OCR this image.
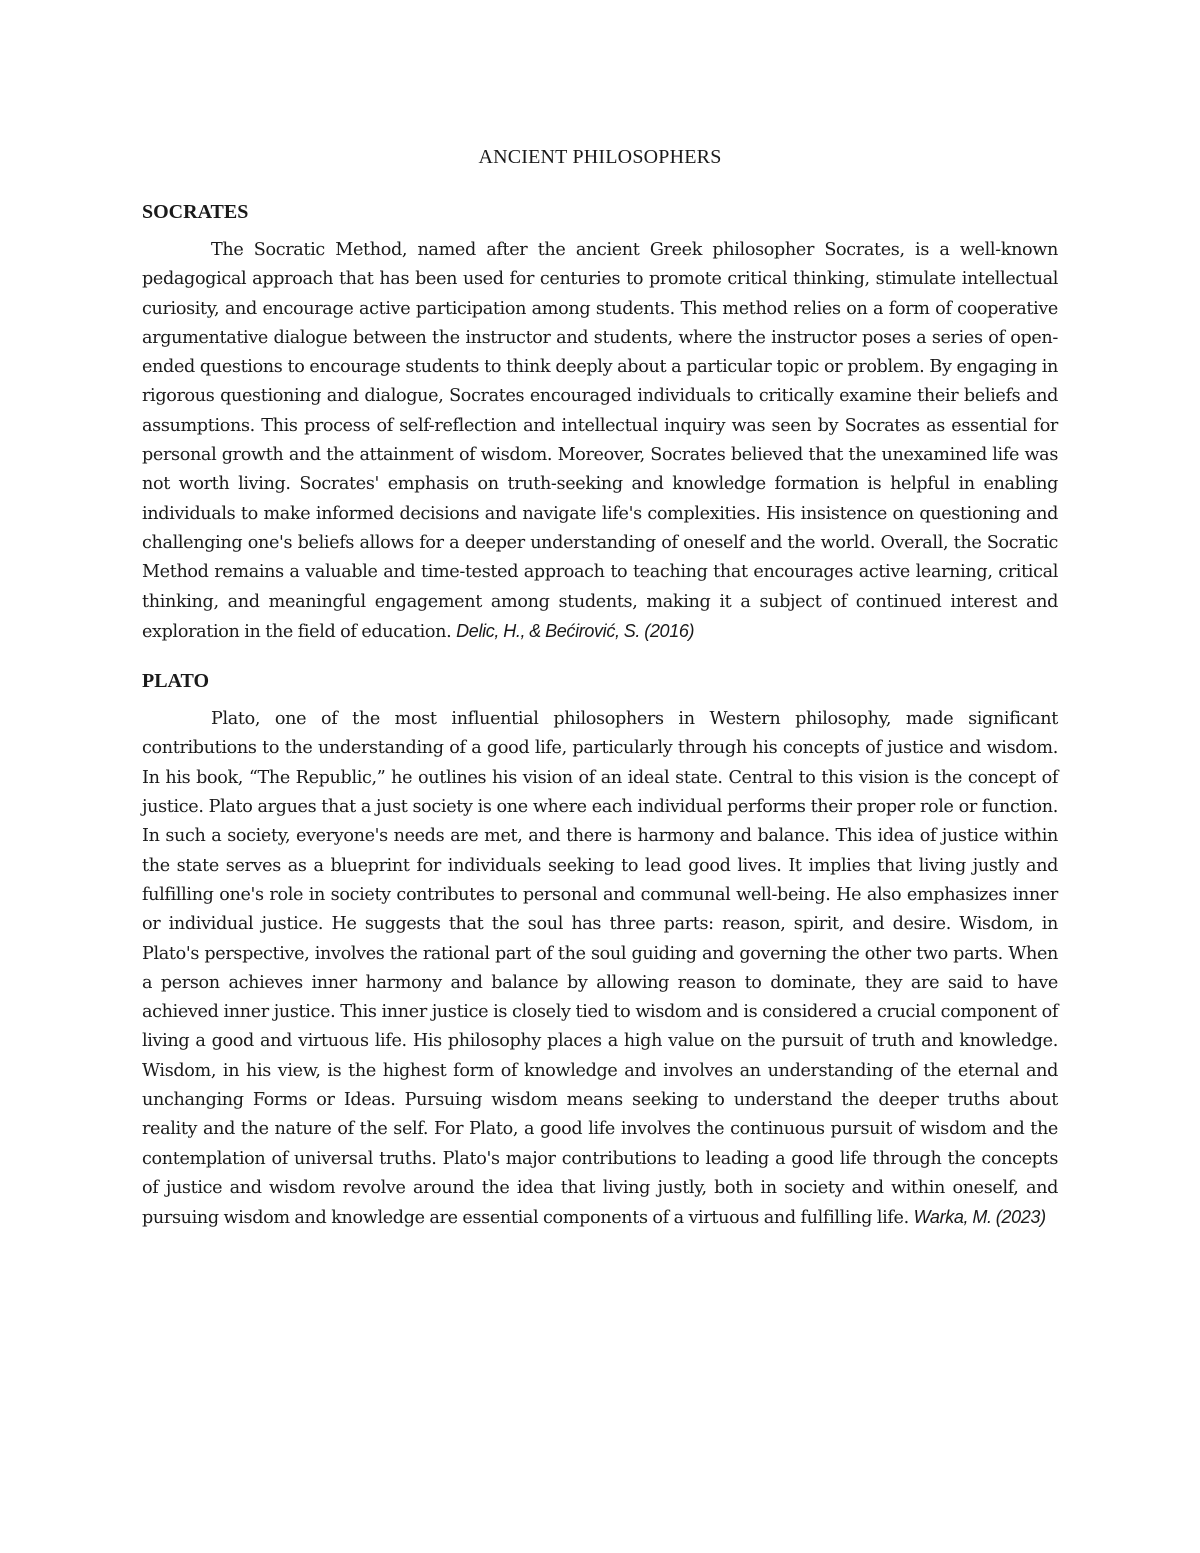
ANCIENT PHILOSOPHERS
SOCRATES

The Socratic Method, named after the ancient Greek philosopher Socrates, is a well-known pedagogical approach that has been used for centuries to promote critical thinking, stimulate intellectual curiosity, and encourage active participation among students. This method relies on a form of cooperative argumentative dialogue between the instructor and students, where the instructor poses a series of open-ended questions to encourage students to think deeply about a particular topic or problem. By engaging in rigorous questioning and dialogue, Socrates encouraged individuals to critically examine their beliefs and assumptions. This process of self-reflection and intellectual inquiry was seen by Socrates as essential for personal growth and the attainment of wisdom. Moreover, Socrates believed that the unexamined life was not worth living. Socrates' emphasis on truth-seeking and knowledge formation is helpful in enabling individuals to make informed decisions and navigate life's complexities. His insistence on questioning and challenging one's beliefs allows for a deeper understanding of oneself and the world. Overall, the Socratic Method remains a valuable and time-tested approach to teaching that encourages active learning, critical thinking, and meaningful engagement among students, making it a subject of continued interest and exploration in the field of education. Delic, H., & Bećirović, S. (2016)

PLATO

Plato, one of the most influential philosophers in Western philosophy, made significant contributions to the understanding of a good life, particularly through his concepts of justice and wisdom. In his book, “The Republic,” he outlines his vision of an ideal state. Central to this vision is the concept of justice. Plato argues that a just society is one where each individual performs their proper role or function. In such a society, everyone's needs are met, and there is harmony and balance. This idea of justice within the state serves as a blueprint for individuals seeking to lead good lives. It implies that living justly and fulfilling one's role in society contributes to personal and communal well-being. He also emphasizes inner or individual justice. He suggests that the soul has three parts: reason, spirit, and desire. Wisdom, in Plato's perspective, involves the rational part of the soul guiding and governing the other two parts. When a person achieves inner harmony and balance by allowing reason to dominate, they are said to have achieved inner justice. This inner justice is closely tied to wisdom and is considered a crucial component of living a good and virtuous life. His philosophy places a high value on the pursuit of truth and knowledge. Wisdom, in his view, is the highest form of knowledge and involves an understanding of the eternal and unchanging Forms or Ideas. Pursuing wisdom means seeking to understand the deeper truths about reality and the nature of the self. For Plato, a good life involves the continuous pursuit of wisdom and the contemplation of universal truths. Plato's major contributions to leading a good life through the concepts of justice and wisdom revolve around the idea that living justly, both in society and within oneself, and pursuing wisdom and knowledge are essential components of a virtuous and fulfilling life. Warka, M. (2023)
